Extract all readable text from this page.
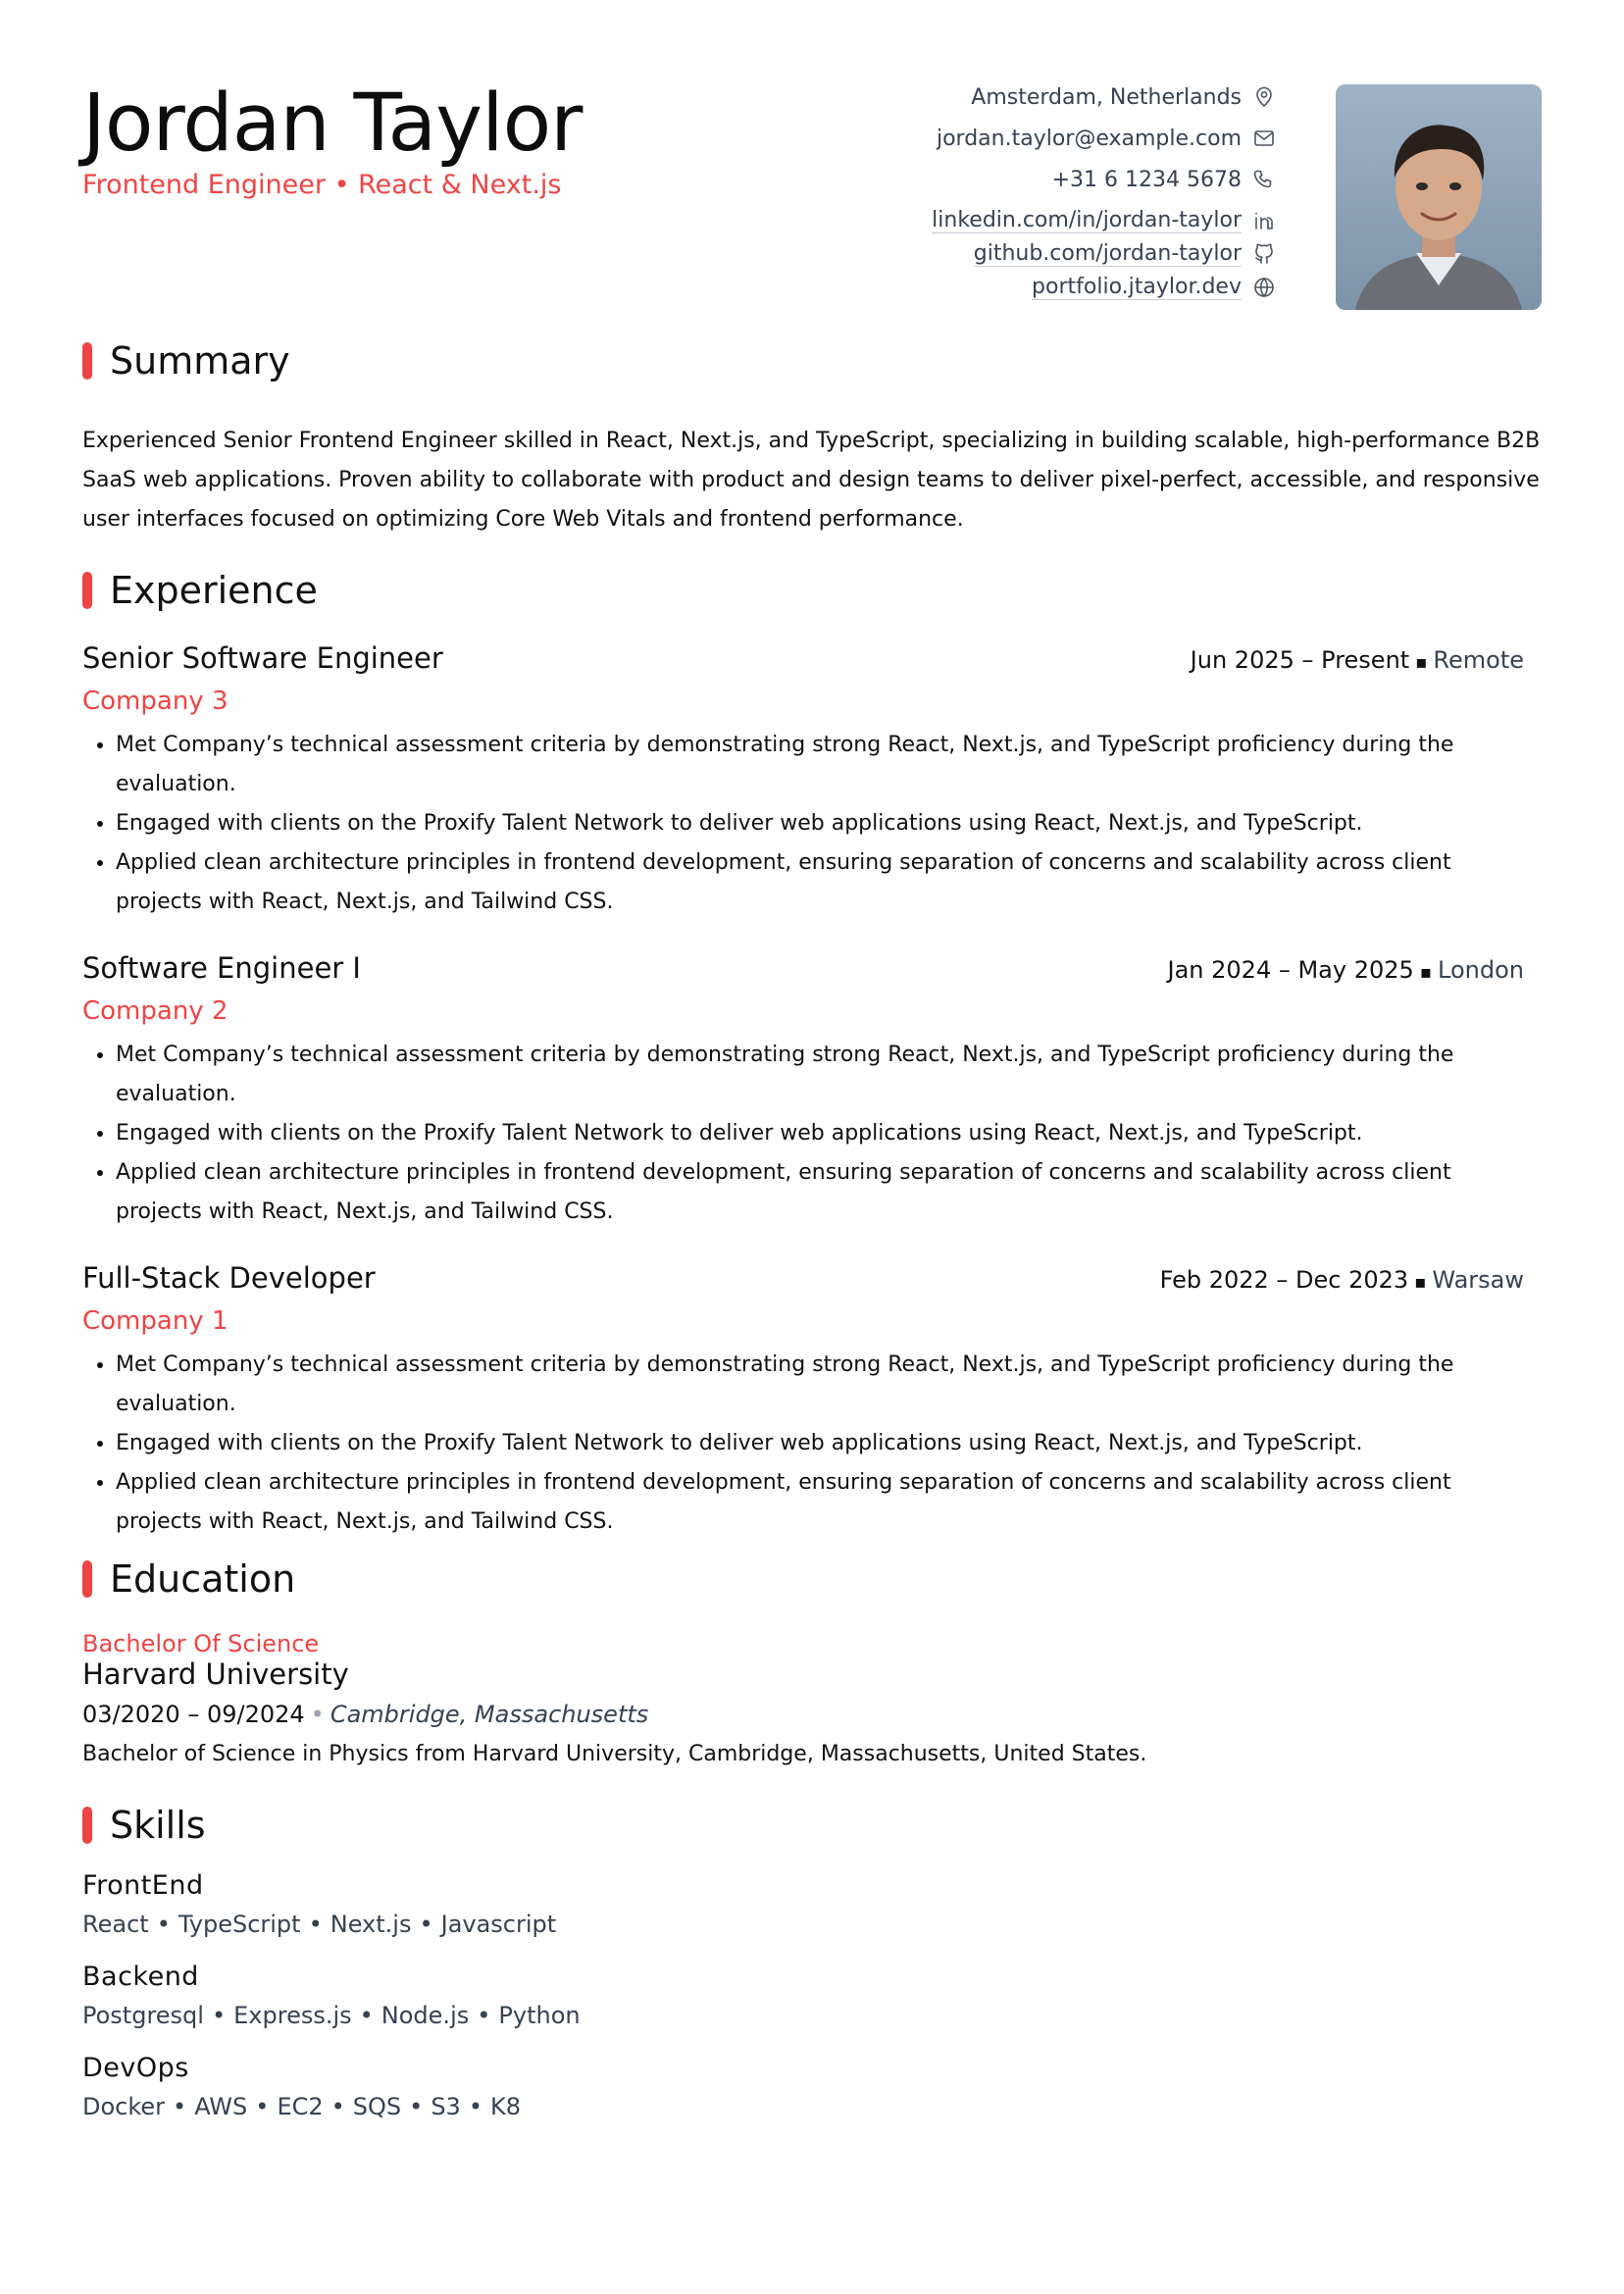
Jordan Taylor
Frontend Engineer • React & Next.js
Amsterdam, Netherlands
jordan.taylor@example.com
+31 6 1234 5678
linkedin.com/in/jordan-taylor
github.com/jordan-taylor
portfolio.jtaylor.dev
Summary
Experienced Senior Frontend Engineer skilled in React, Next.js, and TypeScript, specializing in building scalable, high-performance B2B SaaS web applications. Proven ability to collaborate with product and design teams to deliver pixel-perfect, accessible, and responsive user interfaces focused on optimizing Core Web Vitals and frontend performance.
Experience
Senior Software Engineer	Jun 2025 – Present ▪ Remote
Company 3
• Met Company’s technical assessment criteria by demonstrating strong React, Next.js, and TypeScript proficiency during the evaluation.
• Engaged with clients on the Proxify Talent Network to deliver web applications using React, Next.js, and TypeScript.
• Applied clean architecture principles in frontend development, ensuring separation of concerns and scalability across client projects with React, Next.js, and Tailwind CSS.
Software Engineer I	Jan 2024 – May 2025 ▪ London
Company 2
• Met Company’s technical assessment criteria by demonstrating strong React, Next.js, and TypeScript proficiency during the evaluation.
• Engaged with clients on the Proxify Talent Network to deliver web applications using React, Next.js, and TypeScript.
• Applied clean architecture principles in frontend development, ensuring separation of concerns and scalability across client projects with React, Next.js, and Tailwind CSS.
Full-Stack Developer	Feb 2022 – Dec 2023 ▪ Warsaw
Company 1
• Met Company’s technical assessment criteria by demonstrating strong React, Next.js, and TypeScript proficiency during the evaluation.
• Engaged with clients on the Proxify Talent Network to deliver web applications using React, Next.js, and TypeScript.
• Applied clean architecture principles in frontend development, ensuring separation of concerns and scalability across client projects with React, Next.js, and Tailwind CSS.
Education
Bachelor Of Science
Harvard University
03/2020 – 09/2024 • Cambridge, Massachusetts
Bachelor of Science in Physics from Harvard University, Cambridge, Massachusetts, United States.
Skills
FrontEnd
React • TypeScript • Next.js • Javascript
Backend
Postgresql • Express.js • Node.js • Python
DevOps
Docker • AWS • EC2 • SQS • S3 • K8
